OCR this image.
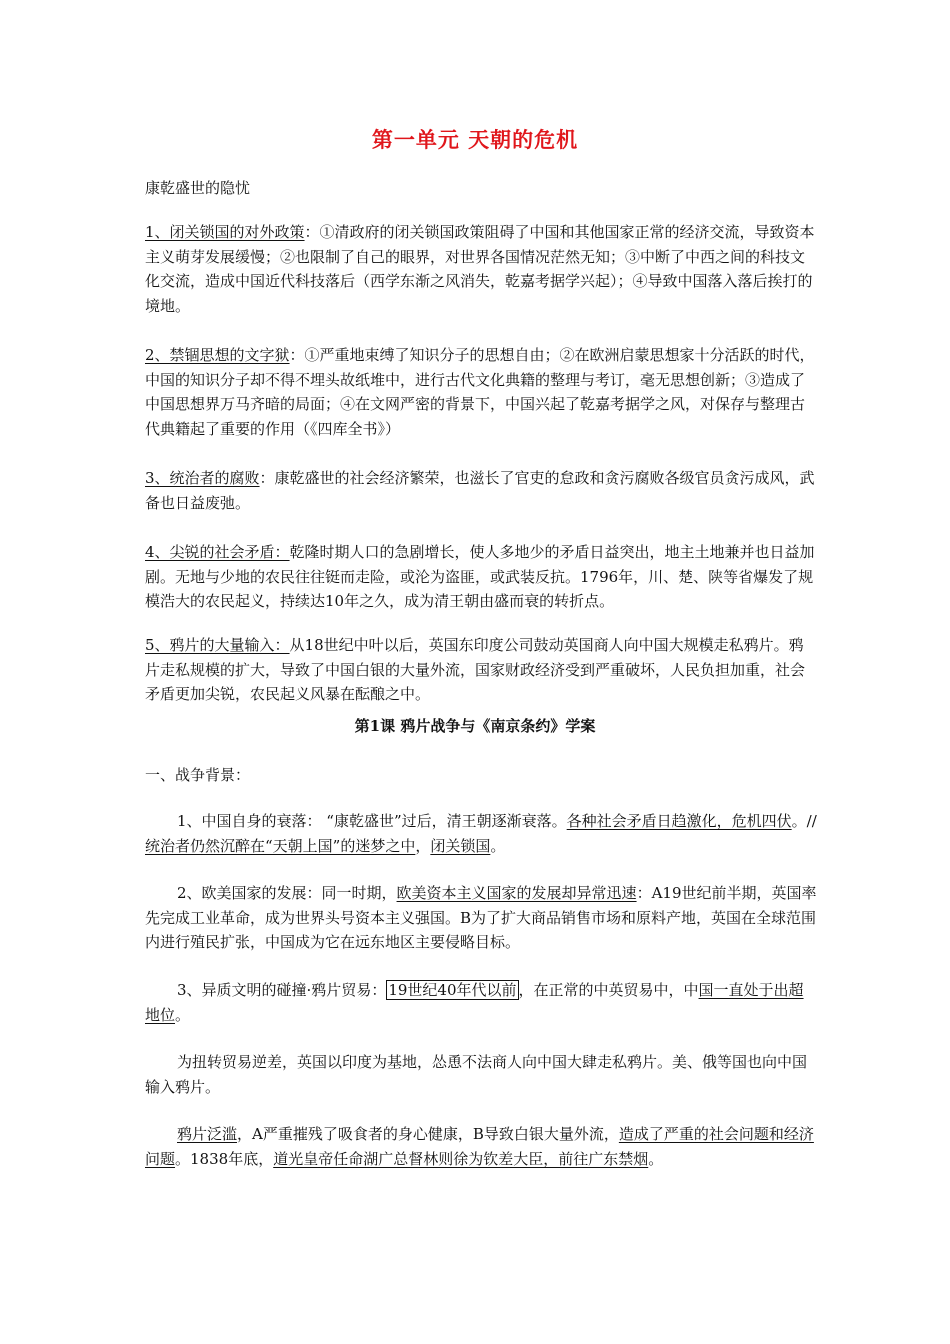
第一单元 天朝的危机

康乾盛世的隐忧

1、闭关锁国的对外政策：①清政府的闭关锁国政策阻碍了中国和其他国家正常的经济交流，导致资本主义萌芽发展缓慢；②也限制了自己的眼界，对世界各国情况茫然无知；③中断了中西之间的科技文化交流，造成中国近代科技落后（西学东渐之风消失，乾嘉考据学兴起）；④导致中国落入落后挨打的境地。

2、禁锢思想的文字狱：①严重地束缚了知识分子的思想自由；②在欧洲启蒙思想家十分活跃的时代，中国的知识分子却不得不埋头故纸堆中，进行古代文化典籍的整理与考订，毫无思想创新；③造成了中国思想界万马齐暗的局面；④在文网严密的背景下，中国兴起了乾嘉考据学之风，对保存与整理古代典籍起了重要的作用（《四库全书》）

3、统治者的腐败：康乾盛世的社会经济繁荣，也滋长了官吏的怠政和贪污腐败各级官员贪污成风，武备也日益废弛。

4、尖锐的社会矛盾：乾隆时期人口的急剧增长，使人多地少的矛盾日益突出，地主土地兼并也日益加剧。无地与少地的农民往往铤而走险，或沦为盗匪，或武装反抗。1796年，川、楚、陕等省爆发了规模浩大的农民起义，持续达10年之久，成为清王朝由盛而衰的转折点。

5、鸦片的大量输入：从18世纪中叶以后，英国东印度公司鼓动英国商人向中国大规模走私鸦片。鸦片走私规模的扩大，导致了中国白银的大量外流，国家财政经济受到严重破坏，人民负担加重，社会矛盾更加尖锐，农民起义风暴在酝酿之中。

第1课 鸦片战争与《南京条约》学案

一、战争背景：

1、中国自身的衰落： “康乾盛世”过后，清王朝逐渐衰落。各种社会矛盾日趋激化，危机四伏。//统治者仍然沉醉在“天朝上国”的迷梦之中，闭关锁国。

2、欧美国家的发展：同一时期，欧美资本主义国家的发展却异常迅速：A19世纪前半期，英国率先完成工业革命，成为世界头号资本主义强国。B为了扩大商品销售市场和原料产地，英国在全球范围内进行殖民扩张，中国成为它在远东地区主要侵略目标。

3、异质文明的碰撞·鸦片贸易： 19世纪40年代以前 ，在正常的中英贸易中，中国一直处于出超地位。

为扭转贸易逆差，英国以印度为基地，怂恿不法商人向中国大肆走私鸦片。美、俄等国也向中国输入鸦片。

鸦片泛滥，A严重摧残了吸食者的身心健康，B导致白银大量外流，造成了严重的社会问题和经济问题。1838年底，道光皇帝任命湖广总督林则徐为钦差大臣，前往广东禁烟。
